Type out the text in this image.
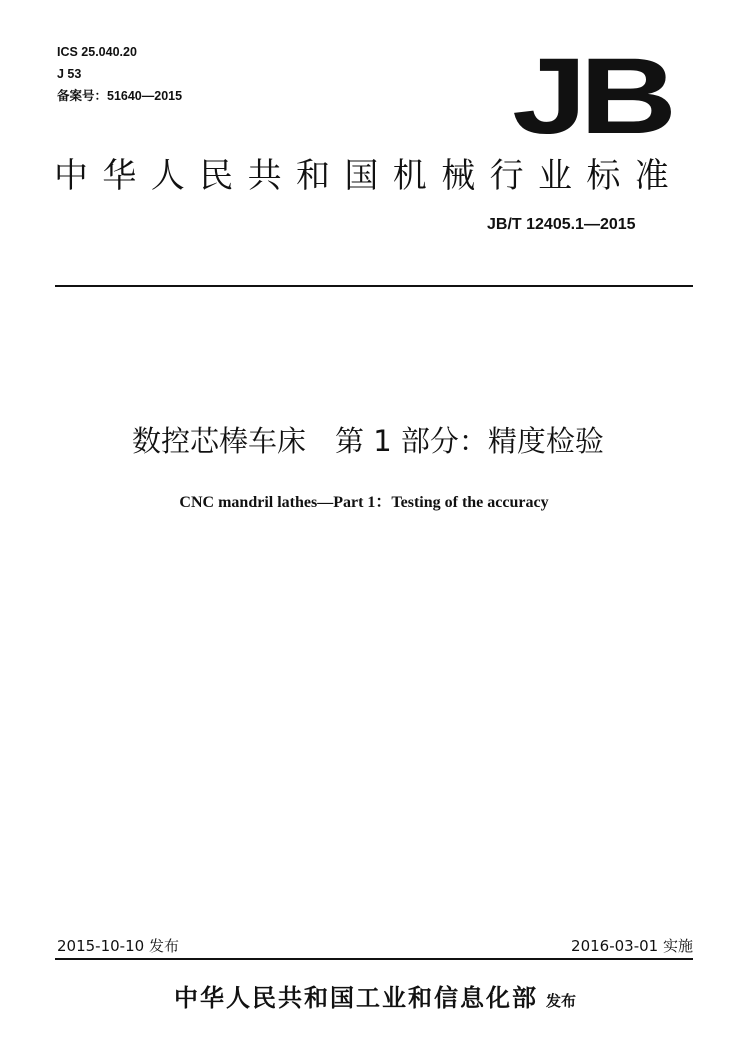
ICS 25.040.20
J 53
备案号：51640—2015	JB
中华人民共和国机械行业标准
JB/T 12405.1—2015
数控芯棒车床　第 1 部分：精度检验
CNC mandril lathes—Part 1：Testing of the accuracy
2015-10-10 发布	2016-03-01 实施
中华人民共和国工业和信息化部 发布
